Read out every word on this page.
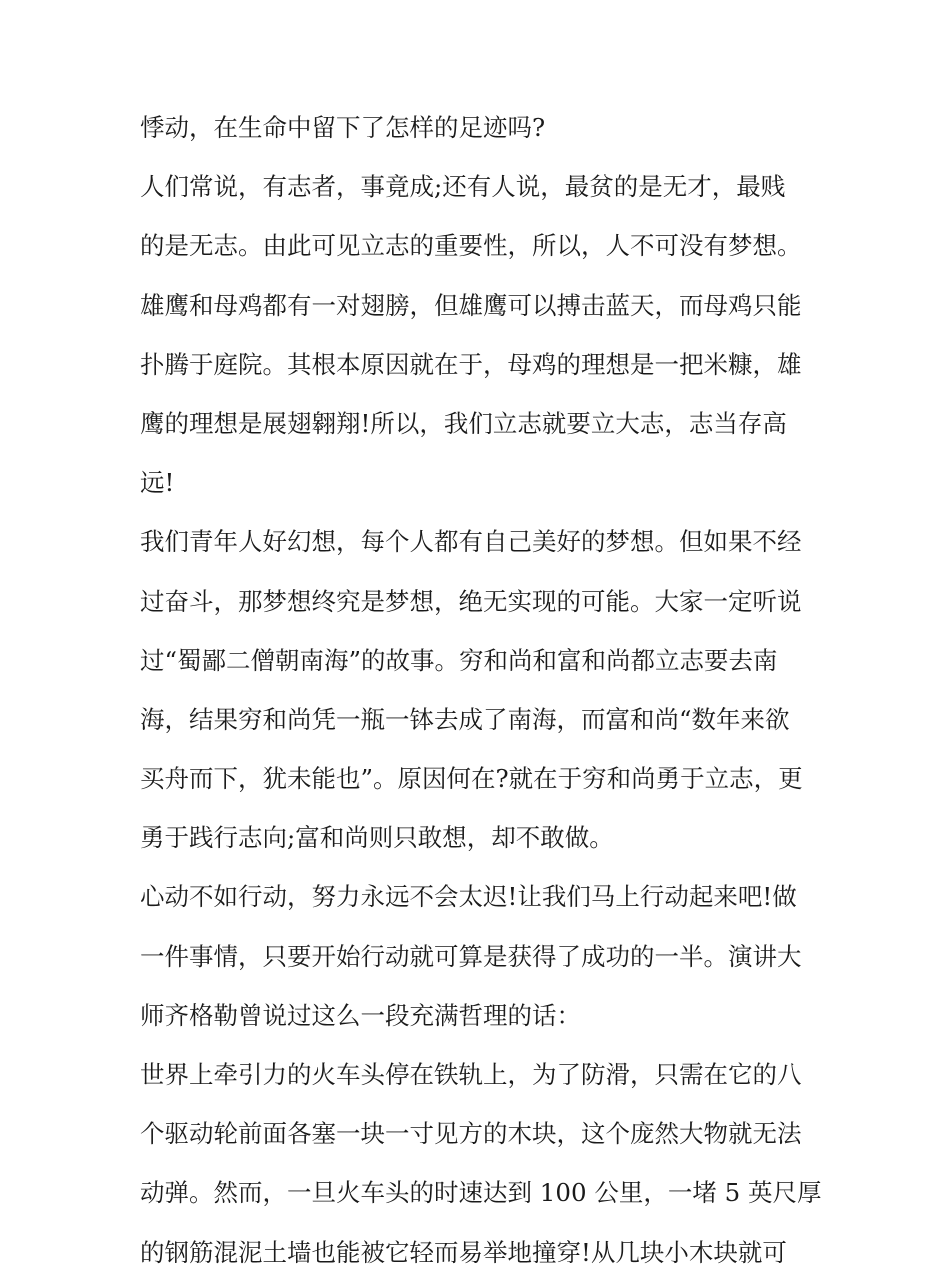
悸动，在生命中留下了怎样的足迹吗?
人们常说，有志者，事竟成;还有人说，最贫的是无才，最贱
的是无志。由此可见立志的重要性，所以，人不可没有梦想。
雄鹰和母鸡都有一对翅膀，但雄鹰可以搏击蓝天，而母鸡只能
扑腾于庭院。其根本原因就在于，母鸡的理想是一把米糠，雄
鹰的理想是展翅翱翔!所以，我们立志就要立大志，志当存高
远!
我们青年人好幻想，每个人都有自己美好的梦想。但如果不经
过奋斗，那梦想终究是梦想，绝无实现的可能。大家一定听说
过“蜀鄙二僧朝南海”的故事。穷和尚和富和尚都立志要去南
海，结果穷和尚凭一瓶一钵去成了南海，而富和尚“数年来欲
买舟而下，犹未能也”。原因何在?就在于穷和尚勇于立志，更
勇于践行志向;富和尚则只敢想，却不敢做。
心动不如行动，努力永远不会太迟!让我们马上行动起来吧!做
一件事情，只要开始行动就可算是获得了成功的一半。演讲大
师齐格勒曾说过这么一段充满哲理的话：
世界上牵引力的火车头停在铁轨上，为了防滑，只需在它的八
个驱动轮前面各塞一块一寸见方的木块，这个庞然大物就无法
动弹。然而，一旦火车头的时速达到 100 公里，一堵 5 英尺厚
的钢筋混泥土墙也能被它轻而易举地撞穿!从几块小木块就可
